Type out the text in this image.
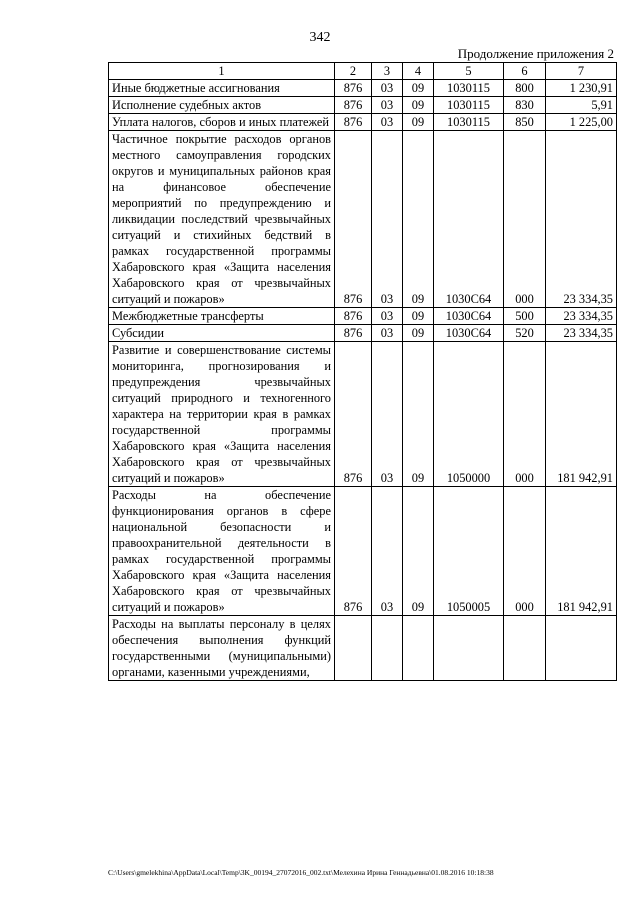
342
Продолжение приложения 2
1	2	3	4	5	6	7
Иные бюджетные ассигнования	876	03	09	1030115	800	1 230,91
Исполнение судебных актов	876	03	09	1030115	830	5,91
Уплата налогов, сборов и иных платежей	876	03	09	1030115	850	1 225,00
Частичное покрытие расходов органов местного самоуправления городских округов и муниципальных районов края на финансовое обеспечение мероприятий по предупреждению и ликвидации последствий чрезвычайных ситуаций и стихийных бедствий в рамках государственной программы Хабаровского края «Защита населения Хабаровского края от чрезвычайных ситуаций и пожаров»	876	03	09	1030С64	000	23 334,35
Межбюджетные трансферты	876	03	09	1030С64	500	23 334,35
Субсидии	876	03	09	1030С64	520	23 334,35
Развитие и совершенствование системы мониторинга, прогнозирования и предупреждения чрезвычайных ситуаций природного и техногенного характера на территории края в рамках государственной программы Хабаровского края «Защита населения Хабаровского края от чрезвычайных ситуаций и пожаров»	876	03	09	1050000	000	181 942,91
Расходы на обеспечение функционирования органов в сфере национальной безопасности и правоохранительной деятельности в рамках государственной программы Хабаровского края «Защита населения Хабаровского края от чрезвычайных ситуаций и пожаров»	876	03	09	1050005	000	181 942,91
Расходы на выплаты персоналу в целях обеспечения выполнения функций государственными (муниципальными) органами, казенными учреждениями,						
C:\Users\gmelekhina\AppData\Local\Temp\3K_00194_27072016_002.txt\Мелехина Ирина Геннадьевна\01.08.2016 10:18:38
